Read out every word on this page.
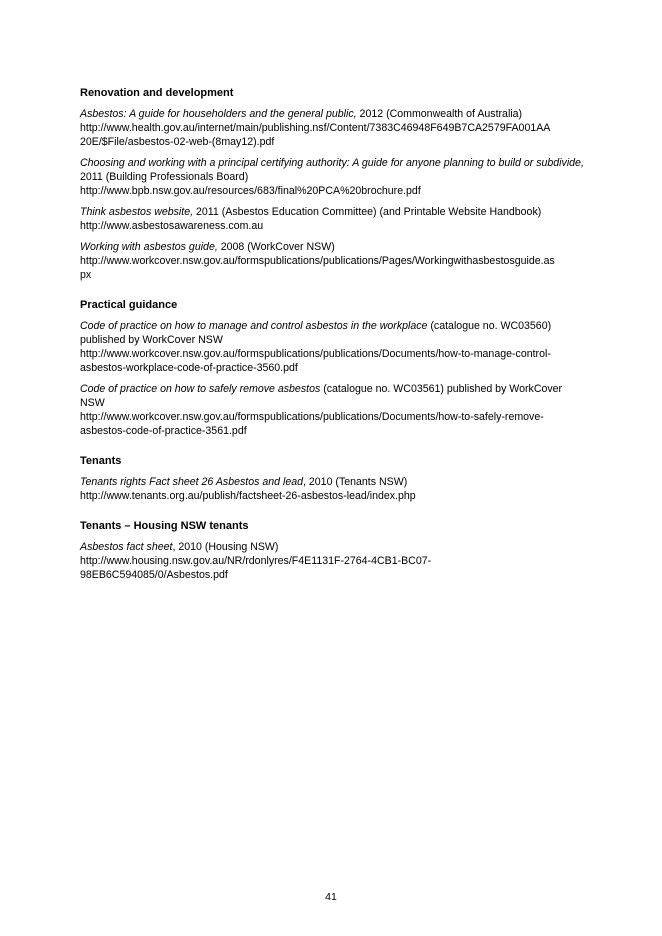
Renovation and development
Asbestos: A guide for householders and the general public, 2012 (Commonwealth of Australia)
http://www.health.gov.au/internet/main/publishing.nsf/Content/7383C46948F649B7CA2579FA001AA
20E/$File/asbestos-02-web-(8may12).pdf
Choosing and working with a principal certifying authority: A guide for anyone planning to build or subdivide, 2011 (Building Professionals Board)
http://www.bpb.nsw.gov.au/resources/683/final%20PCA%20brochure.pdf
Think asbestos website, 2011 (Asbestos Education Committee) (and Printable Website Handbook)
http://www.asbestosawareness.com.au
Working with asbestos guide, 2008 (WorkCover NSW)
http://www.workcover.nsw.gov.au/formspublications/publications/Pages/Workingwithasbestosguide.as
px
Practical guidance
Code of practice on how to manage and control asbestos in the workplace (catalogue no. WC03560) published by WorkCover NSW
http://www.workcover.nsw.gov.au/formspublications/publications/Documents/how-to-manage-control-
asbestos-workplace-code-of-practice-3560.pdf
Code of practice on how to safely remove asbestos (catalogue no. WC03561) published by WorkCover NSW
http://www.workcover.nsw.gov.au/formspublications/publications/Documents/how-to-safely-remove-
asbestos-code-of-practice-3561.pdf
Tenants
Tenants rights Fact sheet 26 Asbestos and lead, 2010 (Tenants NSW)
http://www.tenants.org.au/publish/factsheet-26-asbestos-lead/index.php
Tenants – Housing NSW tenants
Asbestos fact sheet, 2010 (Housing NSW)
http://www.housing.nsw.gov.au/NR/rdonlyres/F4E1131F-2764-4CB1-BC07-
98EB6C594085/0/Asbestos.pdf
41
